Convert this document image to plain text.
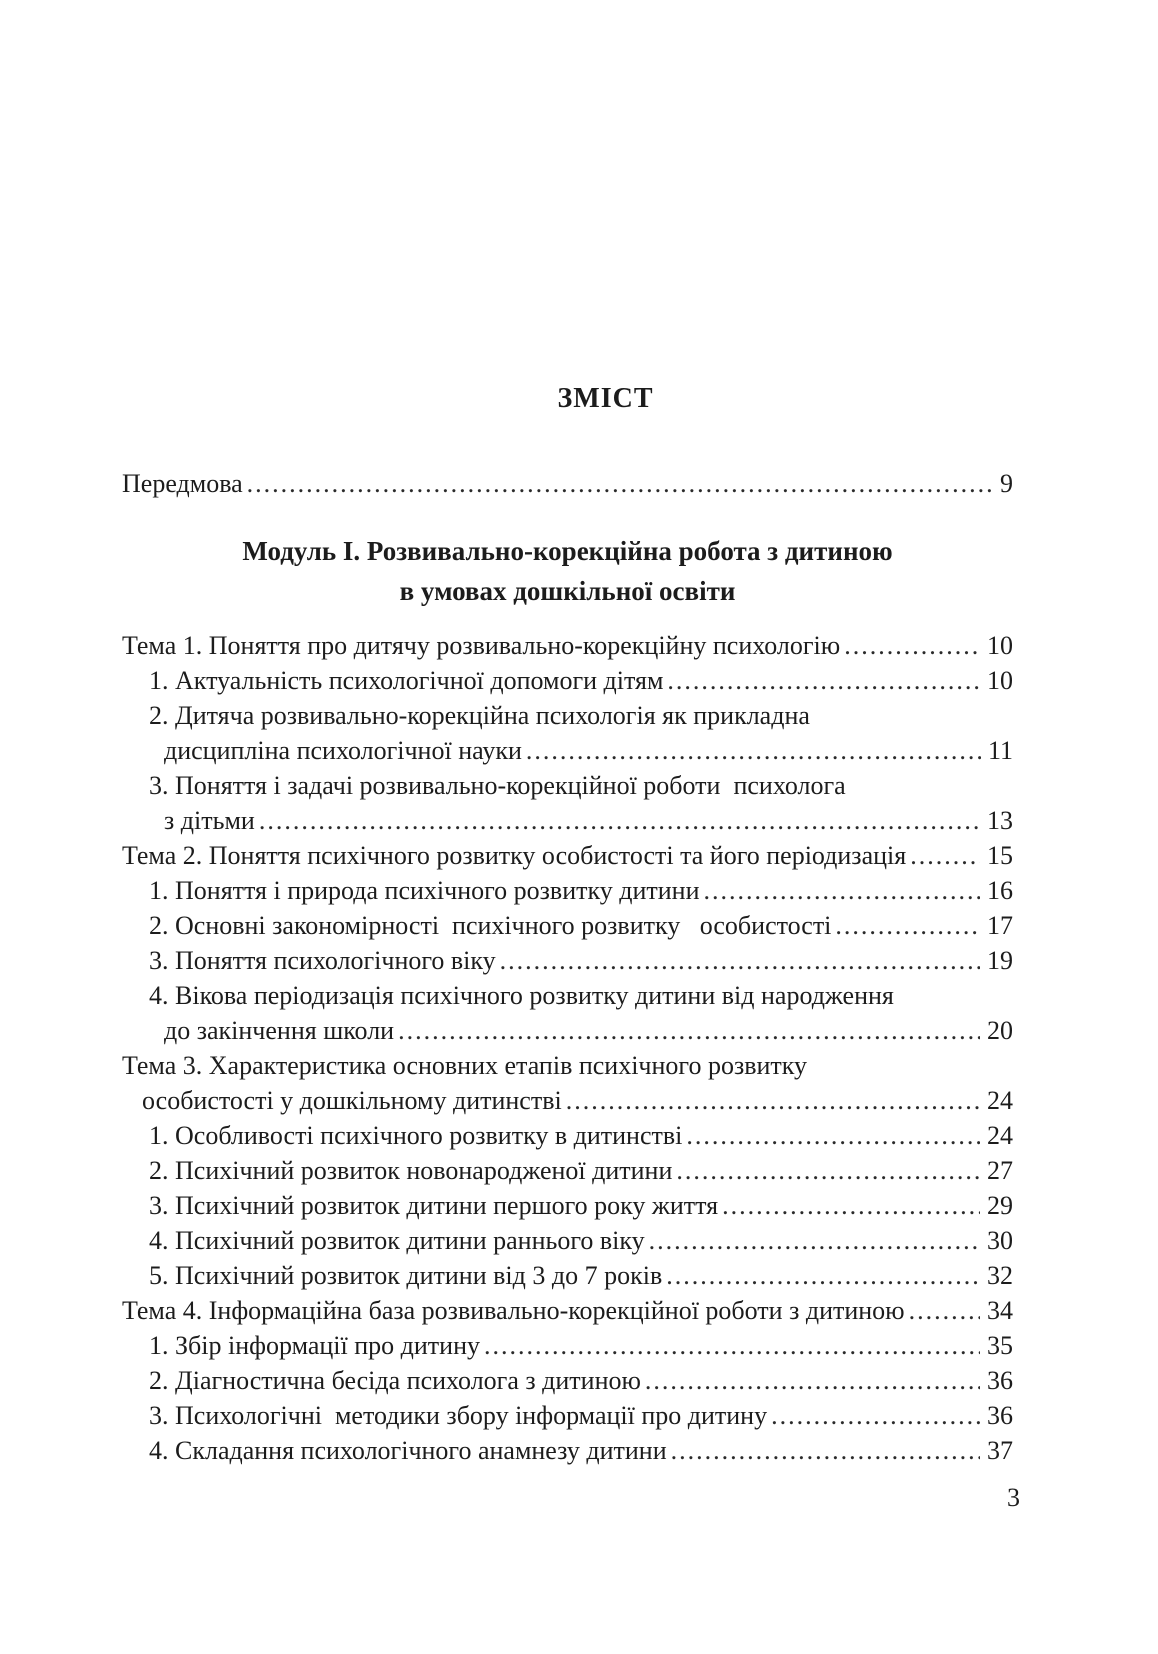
ЗМІСТ
Передмова .....	9
Модуль І. Розвивально-корекційна робота з дитиною
в умовах дошкільної освіти
Тема 1. Поняття про дитячу розвивально-корекційну психологію .....	10
1. Актуальність психологічної допомоги дітям .....	10
2. Дитяча розвивально-корекційна психологія як прикладна
дисципліна психологічної науки .....	11
3. Поняття і задачі розвивально-корекційної роботи  психолога
з дітьми .....	13
Тема 2. Поняття психічного розвитку особистості та його періодизація .....	15
1. Поняття і природа психічного розвитку дитини .....	16
2. Основні закономірності  психічного розвитку   особистості .....	17
3. Поняття психологічного віку .....	19
4. Вікова періодизація психічного розвитку дитини від народження
до закінчення школи .....	20
Тема 3. Характеристика основних етапів психічного розвитку
особистості у дошкільному дитинстві .....	24
1. Особливості психічного розвитку в дитинстві .....	24
2. Психічний розвиток новонародженої дитини .....	27
3. Психічний розвиток дитини першого року життя .....	29
4. Психічний розвиток дитини раннього віку .....	30
5. Психічний розвиток дитини від 3 до 7 років .....	32
Тема 4. Інформаційна база розвивально-корекційної роботи з дитиною .....	34
1. Збір інформації про дитину .....	35
2. Діагностична бесіда психолога з дитиною .....	36
3. Психологічні  методики збору інформації про дитину .....	36
4. Складання психологічного анамнезу дитини .....	37
3
